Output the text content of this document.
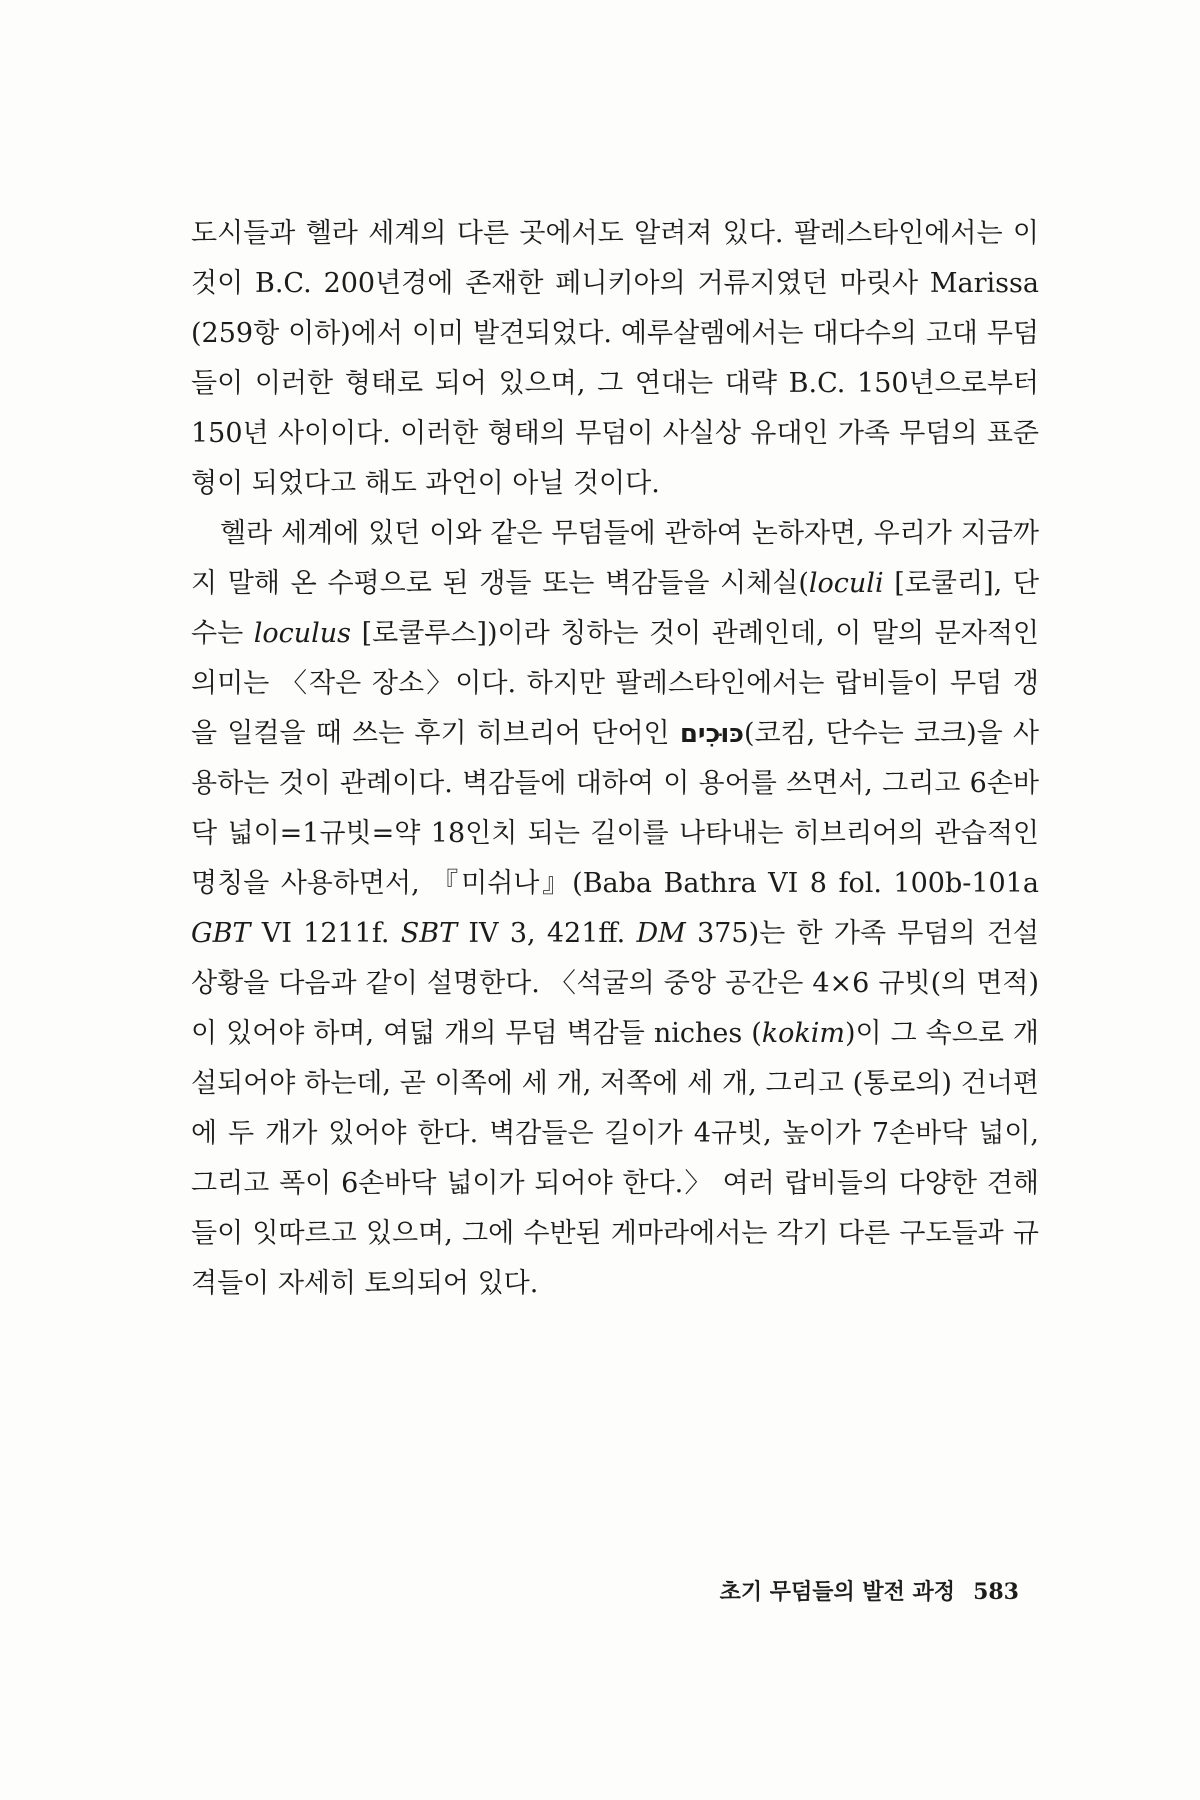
도시들과 헬라 세계의 다른 곳에서도 알려져 있다. 팔레스타인에서는 이것이 B.C. 200년경에 존재한 페니키아의 거류지였던 마릿사 Marissa (259항 이하)에서 이미 발견되었다. 예루살렘에서는 대다수의 고대 무덤들이 이러한 형태로 되어 있으며, 그 연대는 대략 B.C. 150년으로부터 150년 사이이다. 이러한 형태의 무덤이 사실상 유대인 가족 무덤의 표준형이 되었다고 해도 과언이 아닐 것이다.

헬라 세계에 있던 이와 같은 무덤들에 관하여 논하자면, 우리가 지금까지 말해 온 수평으로 된 갱들 또는 벽감들을 시체실(loculi [로쿨리], 단수는 loculus [로쿨루스])이라 칭하는 것이 관례인데, 이 말의 문자적인 의미는 〈작은 장소〉이다. 하지만 팔레스타인에서는 랍비들이 무덤 갱을 일컬을 때 쓰는 후기 히브리어 단어인 כּוּכִים(코킴, 단수는 코크)을 사용하는 것이 관례이다. 벽감들에 대하여 이 용어를 쓰면서, 그리고 6손바닥 넓이=1규빗=약 18인치 되는 길이를 나타내는 히브리어의 관습적인 명칭을 사용하면서, 『미쉬나』(Baba Bathra VI 8 fol. 100b-101a GBT VI 1211f. SBT IV 3, 421ff. DM 375)는 한 가족 무덤의 건설 상황을 다음과 같이 설명한다. 〈석굴의 중앙 공간은 4×6 규빗(의 면적)이 있어야 하며, 여덟 개의 무덤 벽감들 niches (kokim)이 그 속으로 개설되어야 하는데, 곧 이쪽에 세 개, 저쪽에 세 개, 그리고 (통로의) 건너편에 두 개가 있어야 한다. 벽감들은 길이가 4규빗, 높이가 7손바닥 넓이, 그리고 폭이 6손바닥 넓이가 되어야 한다.〉 여러 랍비들의 다양한 견해들이 잇따르고 있으며, 그에 수반된 게마라에서는 각기 다른 구도들과 규격들이 자세히 토의되어 있다.

초기 무덤들의 발전 과정 583
